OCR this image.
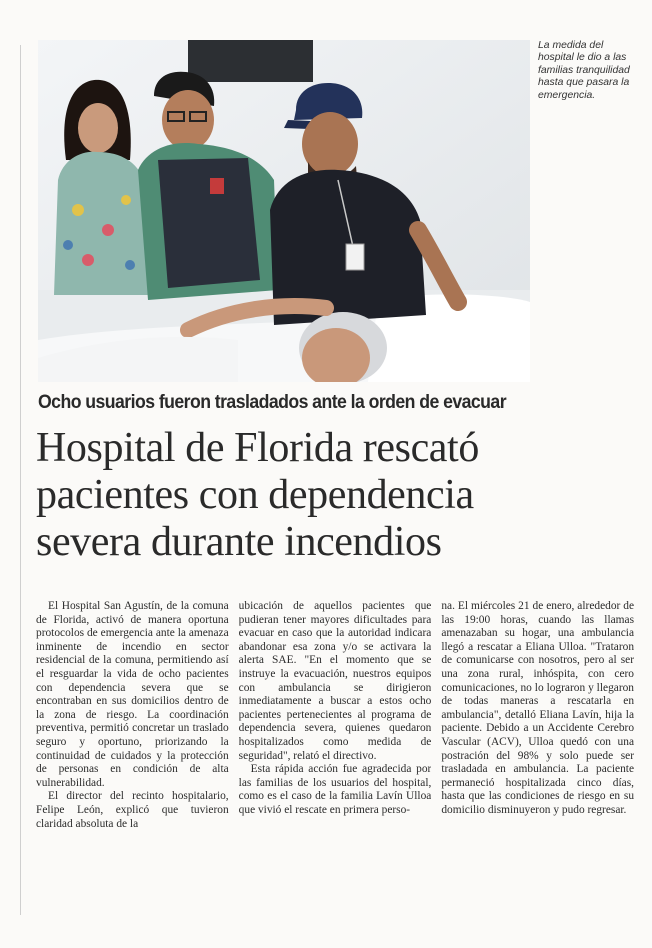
La medida del hospital le dio a las familias tranquilidad hasta que pasara la emergencia.
Ocho usuarios fueron trasladados ante la orden de evacuar
Hospital de Florida rescató
pacientes con dependencia
severa durante incendios

El Hospital San Agustín, de la comuna de Florida, activó de manera oportuna protocolos de emergencia ante la amenaza inminente de incendio en sector residencial de la comuna, permitiendo así el resguardar la vida de ocho pacientes con dependencia severa que se encontraban en sus domicilios dentro de la zona de riesgo. La coordinación preventiva, permitió concretar un traslado seguro y oportuno, priorizando la continuidad de cuidados y la protección de personas en condición de alta vulnerabilidad.

El director del recinto hospitalario, Felipe León, explicó que tuvieron claridad absoluta de la

ubicación de aquellos pacientes que pudieran tener mayores dificultades para evacuar en caso que la autoridad indicara abandonar esa zona y/o se activara la alerta SAE. "En el momento que se instruye la evacuación, nuestros equipos con ambulancia se dirigieron inmediatamente a buscar a estos ocho pacientes pertenecientes al programa de dependencia severa, quienes quedaron hospitalizados como medida de seguridad", relató el directivo.

Esta rápida acción fue agradecida por las familias de los usuarios del hospital, como es el caso de la familia Lavín Ulloa que vivió el rescate en primera perso-

na. El miércoles 21 de enero, alrededor de las 19:00 horas, cuando las llamas amenazaban su hogar, una ambulancia llegó a rescatar a Eliana Ulloa. "Trataron de comunicarse con nosotros, pero al ser una zona rural, inhóspita, con cero comunicaciones, no lo lograron y llegaron de todas maneras a rescatarla en ambulancia", detalló Eliana Lavín, hija la paciente. Debido a un Accidente Cerebro Vascular (ACV), Ulloa quedó con una postración del 98% y solo puede ser trasladada en ambulancia. La paciente permaneció hospitalizada cinco días, hasta que las condiciones de riesgo en su domicilio disminuyeron y pudo regresar.
